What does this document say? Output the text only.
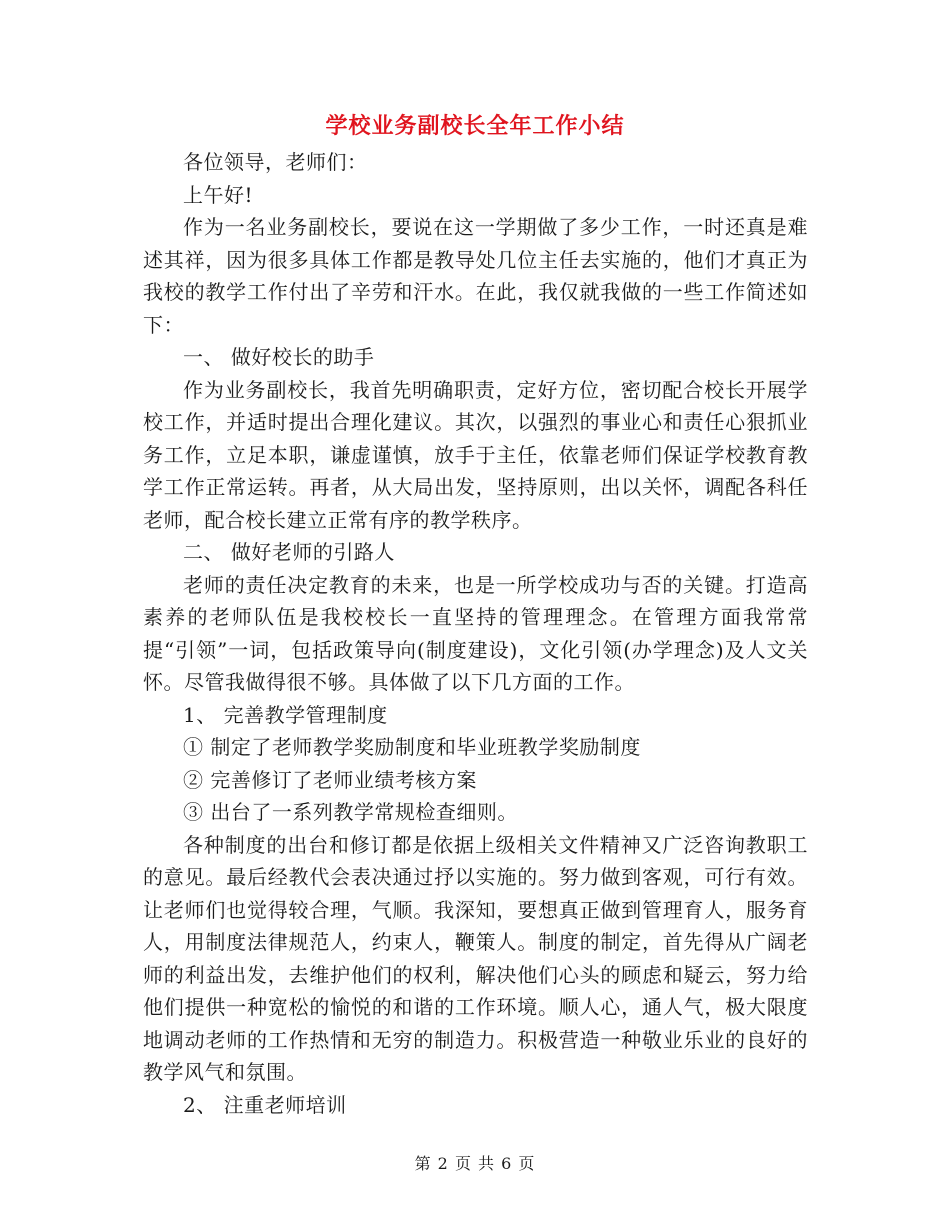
学校业务副校长全年工作小结

各位领导，老师们：

上午好!

作为一名业务副校长，要说在这一学期做了多少工作，一时还真是难述其祥，因为很多具体工作都是教导处几位主任去实施的，他们才真正为我校的教学工作付出了辛劳和汗水。在此，我仅就我做的一些工作简述如下：

一、 做好校长的助手

作为业务副校长，我首先明确职责，定好方位，密切配合校长开展学校工作，并适时提出合理化建议。其次，以强烈的事业心和责任心狠抓业务工作，立足本职，谦虚谨慎，放手于主任，依靠老师们保证学校教育教学工作正常运转。再者，从大局出发，坚持原则，出以关怀，调配各科任老师，配合校长建立正常有序的教学秩序。

二、 做好老师的引路人

老师的责任决定教育的未来，也是一所学校成功与否的关键。打造高素养的老师队伍是我校校长一直坚持的管理理念。在管理方面我常常提“引领”一词，包括政策导向(制度建设)，文化引领(办学理念)及人文关怀。尽管我做得很不够。具体做了以下几方面的工作。

1、 完善教学管理制度

① 制定了老师教学奖励制度和毕业班教学奖励制度

② 完善修订了老师业绩考核方案

③ 出台了一系列教学常规检查细则。

各种制度的出台和修订都是依据上级相关文件精神又广泛咨询教职工的意见。最后经教代会表决通过抒以实施的。努力做到客观，可行有效。让老师们也觉得较合理，气顺。我深知，要想真正做到管理育人，服务育人，用制度法律规范人，约束人，鞭策人。制度的制定，首先得从广阔老师的利益出发，去维护他们的权利，解决他们心头的顾虑和疑云，努力给他们提供一种宽松的愉悦的和谐的工作环境。顺人心，通人气，极大限度地调动老师的工作热情和无穷的制造力。积极营造一种敬业乐业的良好的教学风气和氛围。

2、 注重老师培训

第 2 页 共 6 页
